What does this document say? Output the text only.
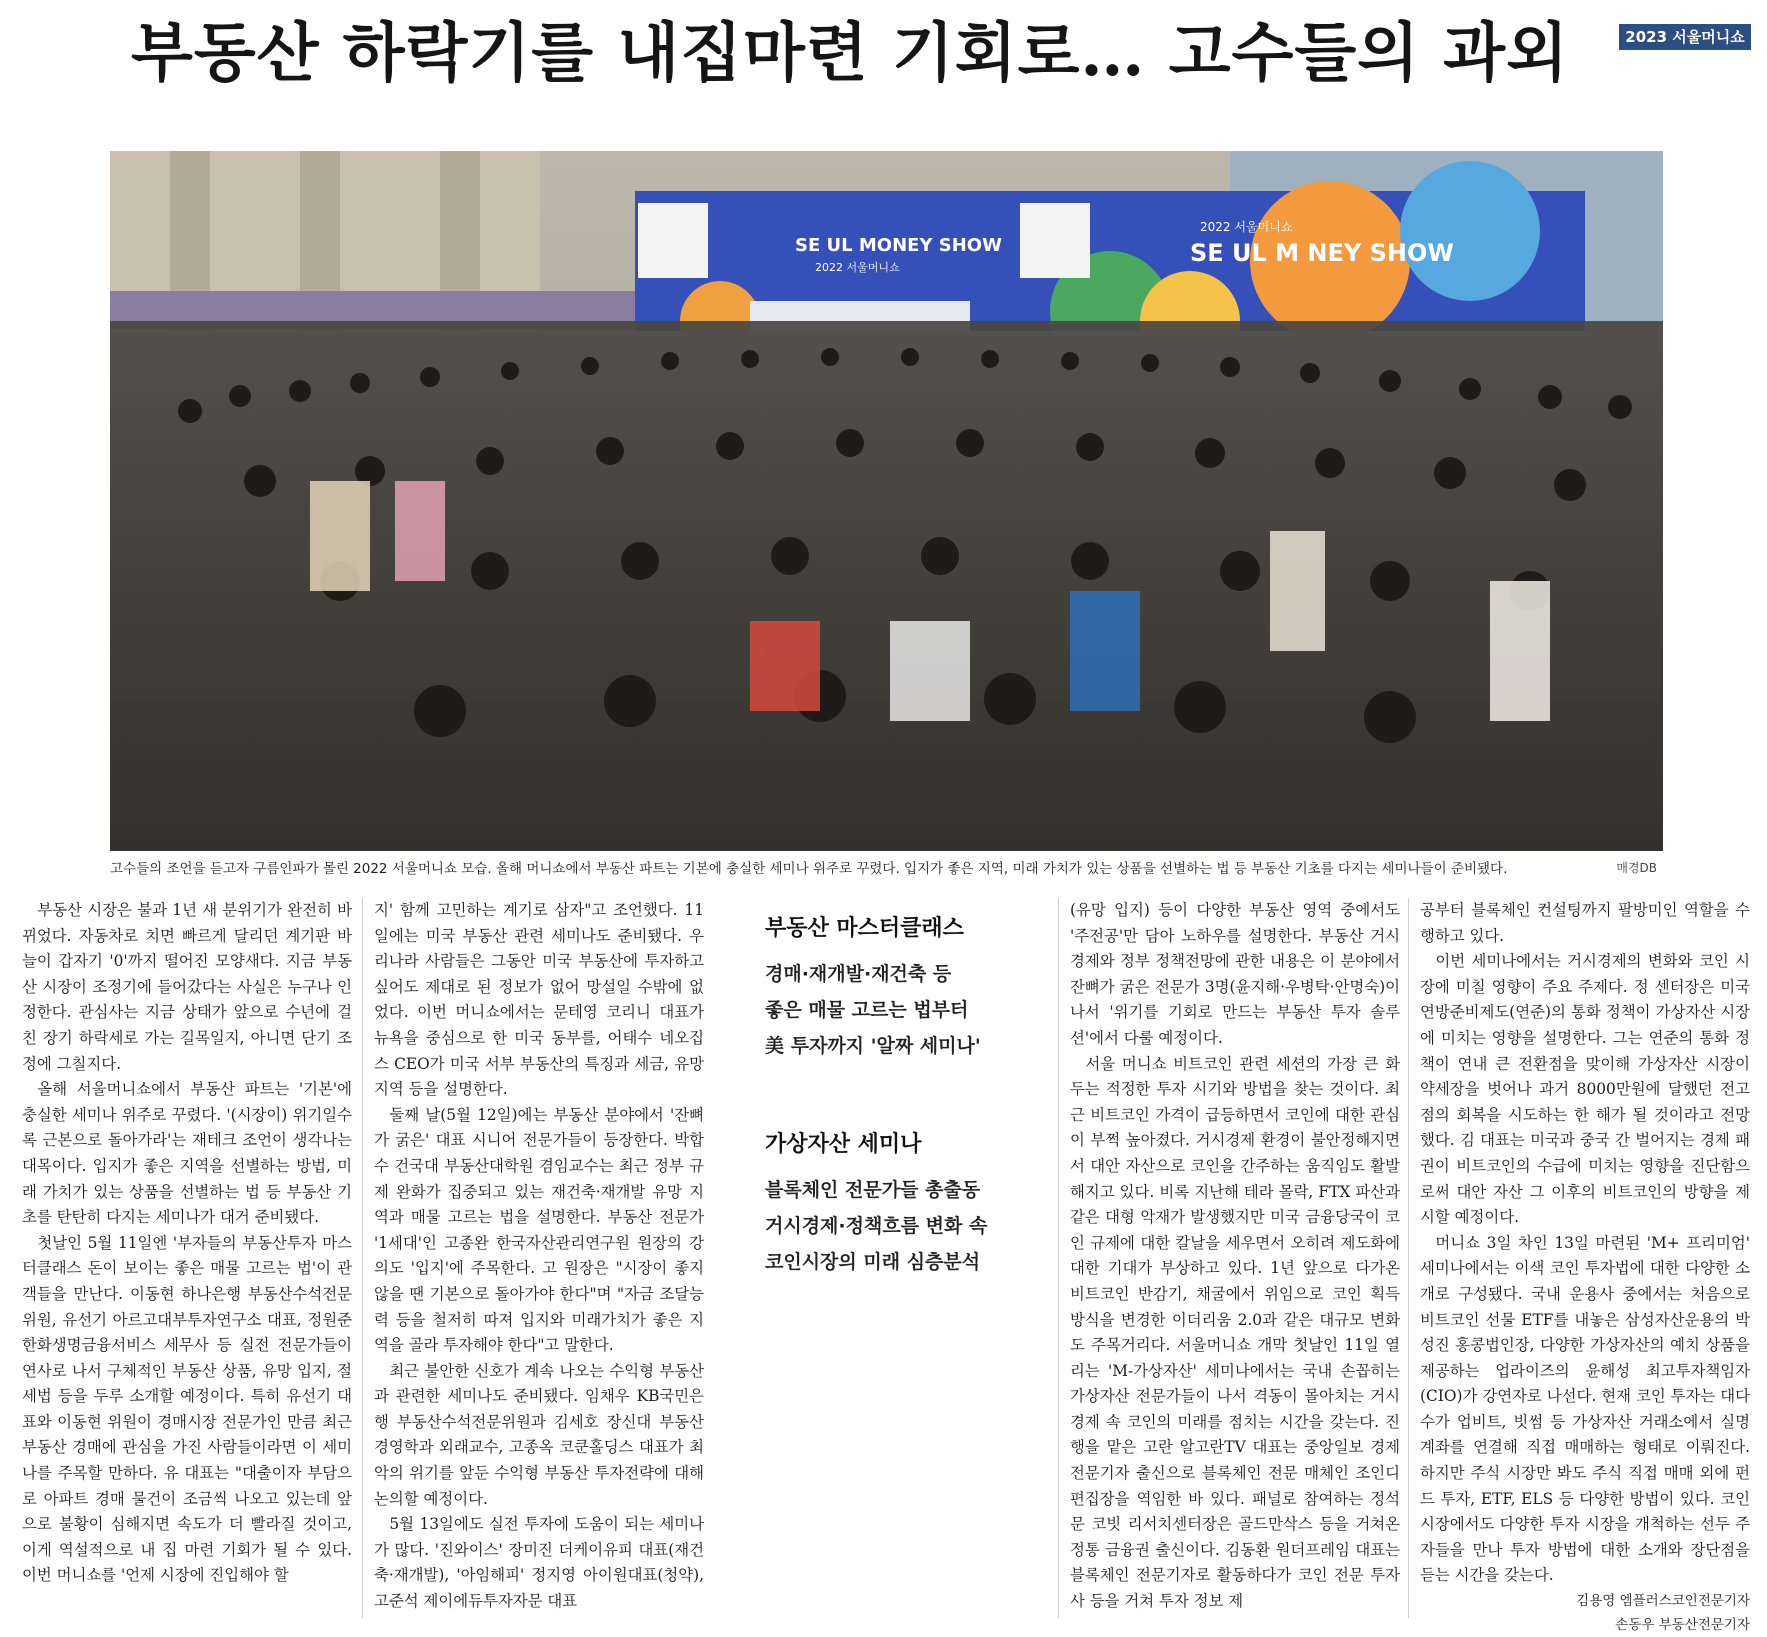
부동산 하락기를 내집마련 기회로… 고수들의 과외	2023 서울머니쇼
SE UL MONEY SHOW
2022 서울머니쇼
2022 서울머니쇼
SE UL M NEY SHOW
고수들의 조언을 듣고자 구름인파가 몰린 2022 서울머니쇼 모습. 올해 머니쇼에서 부동산 파트는 기본에 충실한 세미나 위주로 꾸렸다. 입지가 좋은 지역, 미래 가치가 있는 상품을 선별하는 법 등 부동산 기초를 다지는 세미나들이 준비됐다.	매경DB

부동산 시장은 불과 1년 새 분위기가 완전히 바뀌었다. 자동차로 치면 빠르게 달리던 계기판 바늘이 갑자기 '0'까지 떨어진 모양새다. 지금 부동산 시장이 조정기에 들어갔다는 사실은 누구나 인정한다. 관심사는 지금 상태가 앞으로 수년에 걸친 장기 하락세로 가는 길목일지, 아니면 단기 조정에 그칠지다.

올해 서울머니쇼에서 부동산 파트는 '기본'에 충실한 세미나 위주로 꾸렸다. '(시장이) 위기일수록 근본으로 돌아가라'는 재테크 조언이 생각나는 대목이다. 입지가 좋은 지역을 선별하는 방법, 미래 가치가 있는 상품을 선별하는 법 등 부동산 기초를 탄탄히 다지는 세미나가 대거 준비됐다.

첫날인 5월 11일엔 '부자들의 부동산투자 마스터클래스 돈이 보이는 좋은 매물 고르는 법'이 관객들을 만난다. 이동현 하나은행 부동산수석전문위원, 유선기 아르고대부투자연구소 대표, 정원준 한화생명금융서비스 세무사 등 실전 전문가들이 연사로 나서 구체적인 부동산 상품, 유망 입지, 절세법 등을 두루 소개할 예정이다. 특히 유선기 대표와 이동현 위원이 경매시장 전문가인 만큼 최근 부동산 경매에 관심을 가진 사람들이라면 이 세미나를 주목할 만하다. 유 대표는 "대출이자 부담으로 아파트 경매 물건이 조금씩 나오고 있는데 앞으로 불황이 심해지면 속도가 더 빨라질 것이고, 이게 역설적으로 내 집 마련 기회가 될 수 있다. 이번 머니쇼를 '언제 시장에 진입해야 할

지' 함께 고민하는 계기로 삼자"고 조언했다. 11일에는 미국 부동산 관련 세미나도 준비됐다. 우리나라 사람들은 그동안 미국 부동산에 투자하고 싶어도 제대로 된 정보가 없어 망설일 수밖에 없었다. 이번 머니쇼에서는 문테영 코리니 대표가 뉴욕을 중심으로 한 미국 동부를, 어태수 네오집스 CEO가 미국 서부 부동산의 특징과 세금, 유망 지역 등을 설명한다.

둘째 날(5월 12일)에는 부동산 분야에서 '잔뼈가 굵은' 대표 시니어 전문가들이 등장한다. 박합수 건국대 부동산대학원 겸임교수는 최근 정부 규제 완화가 집중되고 있는 재건축·재개발 유망 지역과 매물 고르는 법을 설명한다. 부동산 전문가 '1세대'인 고종완 한국자산관리연구원 원장의 강의도 '입지'에 주목한다. 고 원장은 "시장이 좋지 않을 땐 기본으로 돌아가야 한다"며 "자금 조달능력 등을 철저히 따져 입지와 미래가치가 좋은 지역을 골라 투자해야 한다"고 말한다.

최근 불안한 신호가 계속 나오는 수익형 부동산과 관련한 세미나도 준비됐다. 임채우 KB국민은행 부동산수석전문위원과 김세호 장신대 부동산경영학과 외래교수, 고종옥 코쿤홀딩스 대표가 최악의 위기를 앞둔 수익형 부동산 투자전략에 대해 논의할 예정이다.

5월 13일에도 실전 투자에 도움이 되는 세미나가 많다. '진와이스' 장미진 더케이유피 대표(재건축·재개발), '아임해피' 정지영 아이원대표(청약), 고준석 제이에듀투자자문 대표

부동산 마스터클래스
경매·재개발·재건축 등
좋은 매물 고르는 법부터
美 투자까지 '알짜 세미나'
가상자산 세미나
블록체인 전문가들 총출동
거시경제·정책흐름 변화 속
코인시장의 미래 심층분석

(유망 입지) 등이 다양한 부동산 영역 중에서도 '주전공'만 담아 노하우를 설명한다. 부동산 거시경제와 정부 정책전망에 관한 내용은 이 분야에서 잔뼈가 굵은 전문가 3명(윤지해·우병탁·안명숙)이 나서 '위기를 기회로 만드는 부동산 투자 솔루션'에서 다룰 예정이다.

서울 머니쇼 비트코인 관련 세션의 가장 큰 화두는 적정한 투자 시기와 방법을 찾는 것이다. 최근 비트코인 가격이 급등하면서 코인에 대한 관심이 부쩍 높아졌다. 거시경제 환경이 불안정해지면서 대안 자산으로 코인을 간주하는 움직임도 활발해지고 있다. 비록 지난해 테라 몰락, FTX 파산과 같은 대형 악재가 발생했지만 미국 금융당국이 코인 규제에 대한 칼날을 세우면서 오히려 제도화에 대한 기대가 부상하고 있다. 1년 앞으로 다가온 비트코인 반감기, 채굴에서 위임으로 코인 획득 방식을 변경한 이더리움 2.0과 같은 대규모 변화도 주목거리다. 서울머니쇼 개막 첫날인 11일 열리는 'M-가상자산' 세미나에서는 국내 손꼽히는 가상자산 전문가들이 나서 격동이 몰아치는 거시경제 속 코인의 미래를 점치는 시간을 갖는다. 진행을 맡은 고란 알고란TV 대표는 중앙일보 경제전문기자 출신으로 블록체인 전문 매체인 조인디 편집장을 역임한 바 있다. 패널로 참여하는 정석문 코빗 리서치센터장은 골드만삭스 등을 거쳐온 정통 금융권 출신이다. 김동환 원더프레임 대표는 블록체인 전문기자로 활동하다가 코인 전문 투자사 등을 거쳐 투자 정보 제

공부터 블록체인 컨설팅까지 팔방미인 역할을 수행하고 있다.

이번 세미나에서는 거시경제의 변화와 코인 시장에 미칠 영향이 주요 주제다. 정 센터장은 미국 연방준비제도(연준)의 통화 정책이 가상자산 시장에 미치는 영향을 설명한다. 그는 연준의 통화 정책이 연내 큰 전환점을 맞이해 가상자산 시장이 약세장을 벗어나 과거 8000만원에 달했던 전고점의 회복을 시도하는 한 해가 될 것이라고 전망했다. 김 대표는 미국과 중국 간 벌어지는 경제 패권이 비트코인의 수급에 미치는 영향을 진단함으로써 대안 자산 그 이후의 비트코인의 방향을 제시할 예정이다.

머니쇼 3일 차인 13일 마련된 'M+ 프리미엄' 세미나에서는 이색 코인 투자법에 대한 다양한 소개로 구성됐다. 국내 운용사 중에서는 처음으로 비트코인 선물 ETF를 내놓은 삼성자산운용의 박성진 홍콩법인장, 다양한 가상자산의 예치 상품을 제공하는 업라이즈의 윤해성 최고투자책임자(CIO)가 강연자로 나선다. 현재 코인 투자는 대다수가 업비트, 빗썸 등 가상자산 거래소에서 실명계좌를 연결해 직접 매매하는 형태로 이뤄진다. 하지만 주식 시장만 봐도 주식 직접 매매 외에 펀드 투자, ETF, ELS 등 다양한 방법이 있다. 코인 시장에서도 다양한 투자 시장을 개척하는 선두 주자들을 만나 투자 방법에 대한 소개와 장단점을 듣는 시간을 갖는다.

김용영 엠플러스코인전문기자
손동우 부동산전문기자
